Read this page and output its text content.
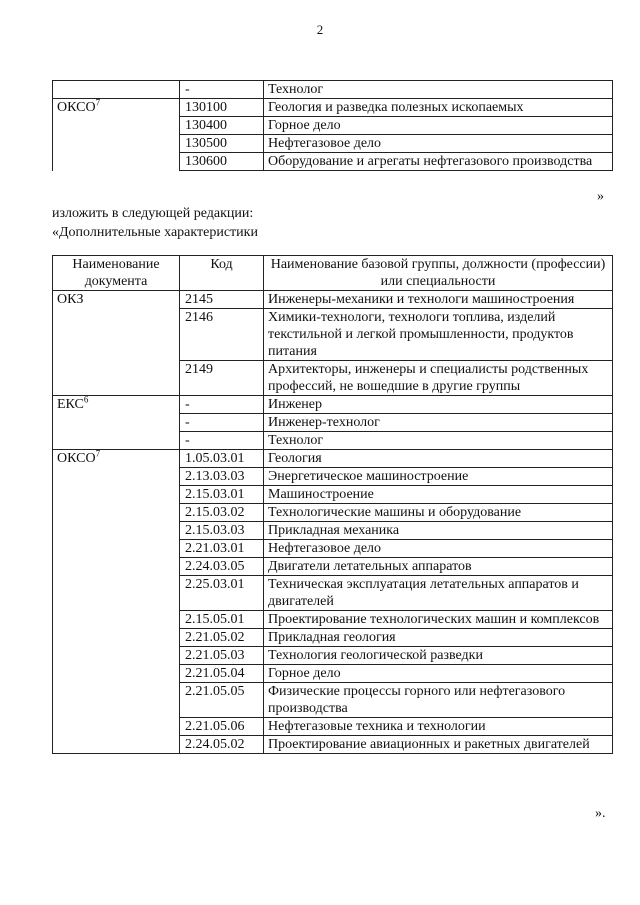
2
	-	Технолог
ОКСО$^7$	130100	Геология и разведка полезных ископаемых
	130400	Горное дело
	130500	Нефтегазовое дело
	130600	Оборудование и агрегаты нефтегазового производства
»
изложить в следующей редакции:
«Дополнительные характеристики
Наименование документа	Код	Наименование базовой группы, должности (профессии) или специальности
ОКЗ	2145	Инженеры-механики и технологи машиностроения
	2146	Химики-технологи, технологи топлива, изделий текстильной и легкой промышленности, продуктов питания
	2149	Архитекторы, инженеры и специалисты родственных профессий, не вошедшие в другие группы
ЕКС$^6$	-	Инженер
	-	Инженер-технолог
	-	Технолог
ОКСО$^7$	1.05.03.01	Геология
	2.13.03.03	Энергетическое машиностроение
	2.15.03.01	Машиностроение
	2.15.03.02	Технологические машины и оборудование
	2.15.03.03	Прикладная механика
	2.21.03.01	Нефтегазовое дело
	2.24.03.05	Двигатели летательных аппаратов
	2.25.03.01	Техническая эксплуатация летательных аппаратов и двигателей
	2.15.05.01	Проектирование технологических машин и комплексов
	2.21.05.02	Прикладная геология
	2.21.05.03	Технология геологической разведки
	2.21.05.04	Горное дело
	2.21.05.05	Физические процессы горного или нефтегазового производства
	2.21.05.06	Нефтегазовые техника и технологии
	2.24.05.02	Проектирование авиационных и ракетных двигателей
».
